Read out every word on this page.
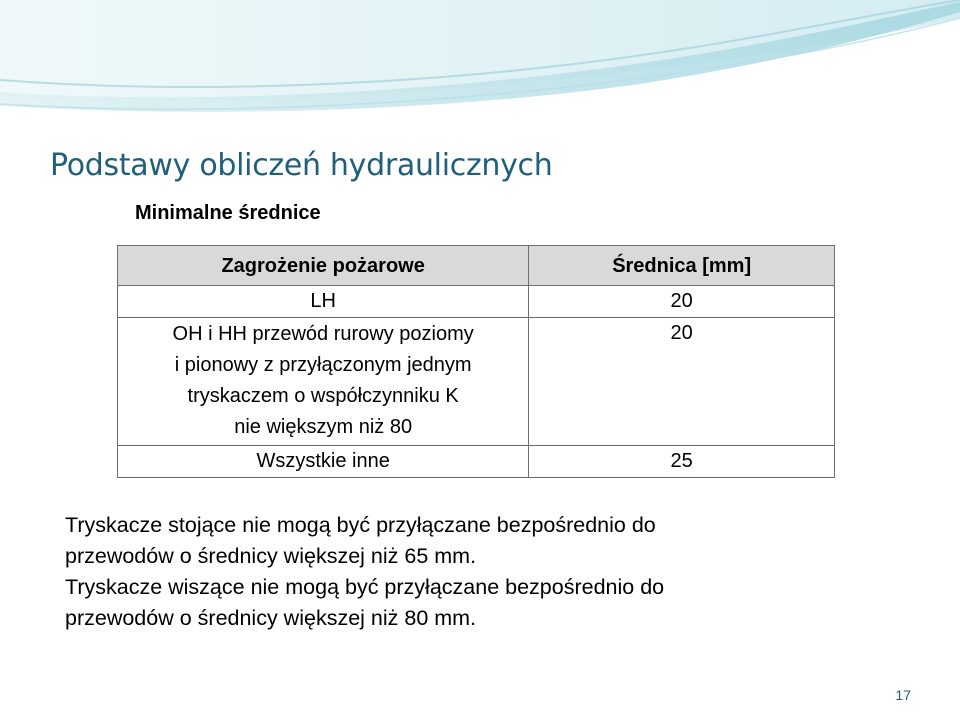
Podstawy obliczeń hydraulicznych
Minimalne średnice
Zagrożenie pożarowe	Średnica [mm]
LH	20

OH i HH przewód rurowy poziomy
i pionowy z przyłączonym jednym
tryskaczem o współczynniku K
nie większym niż 80	20
Wszystkie inne	25

Tryskacze stojące nie mogą być przyłączane bezpośrednio do
przewodów o średnicy większej niż 65 mm.

Tryskacze wiszące nie mogą być przyłączane bezpośrednio do
przewodów o średnicy większej niż 80 mm.

17
